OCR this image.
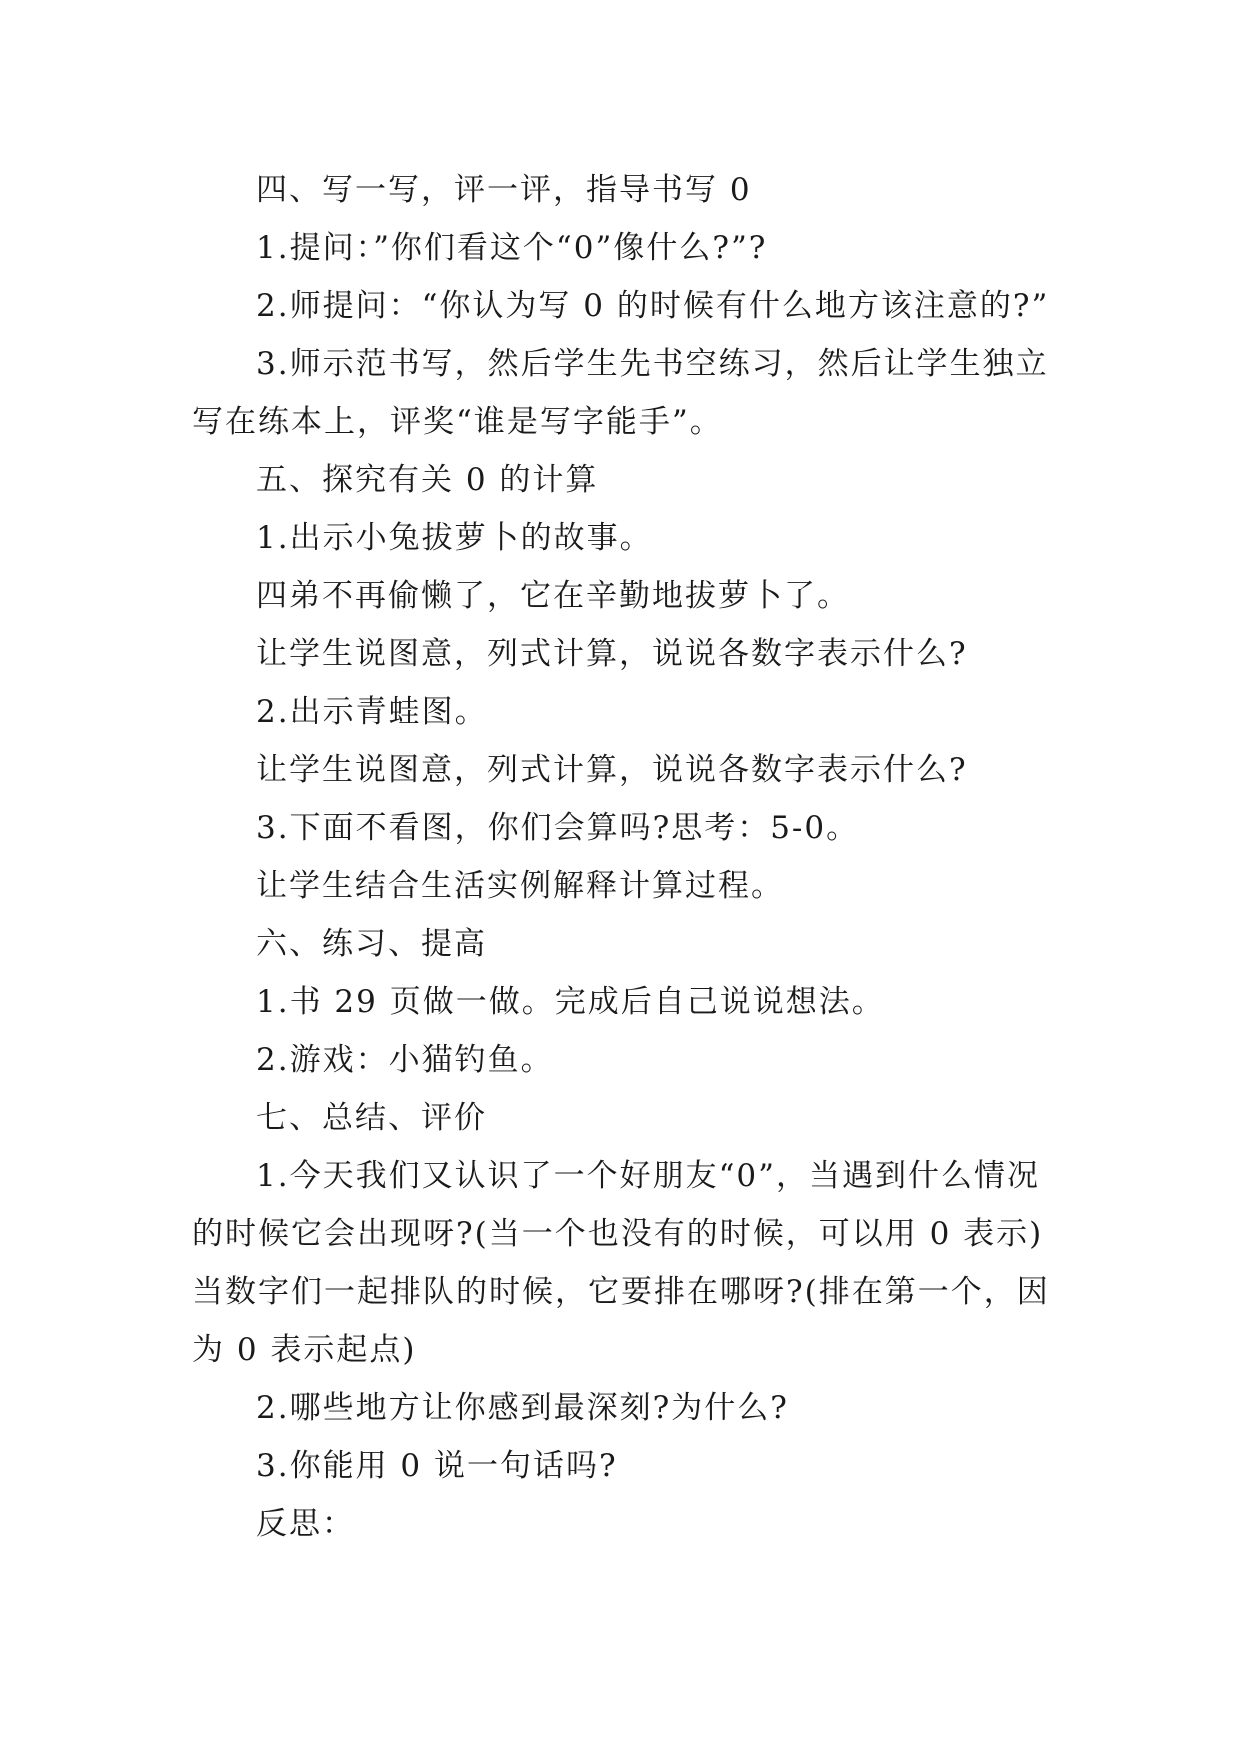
四、写一写，评一评，指导书写 0

1.提问：”你们看这个“0”像什么?”?

2.师提问：“你认为写 0 的时候有什么地方该注意的?”

3.师示范书写，然后学生先书空练习，然后让学生独立写在练本上，评奖“谁是写字能手”。

五、探究有关 0 的计算

1.出示小兔拔萝卜的故事。

四弟不再偷懒了，它在辛勤地拔萝卜了。

让学生说图意，列式计算，说说各数字表示什么?

2.出示青蛙图。

让学生说图意，列式计算，说说各数字表示什么?

3.下面不看图，你们会算吗?思考：5-0。

让学生结合生活实例解释计算过程。

六、练习、提高

1.书 29 页做一做。完成后自己说说想法。

2.游戏：小猫钓鱼。

七、总结、评价

1.今天我们又认识了一个好朋友“0”，当遇到什么情况的时候它会出现呀?(当一个也没有的时候，可以用 0 表示)当数字们一起排队的时候，它要排在哪呀?(排在第一个，因为 0 表示起点)

2.哪些地方让你感到最深刻?为什么?

3.你能用 0 说一句话吗?

反思：
